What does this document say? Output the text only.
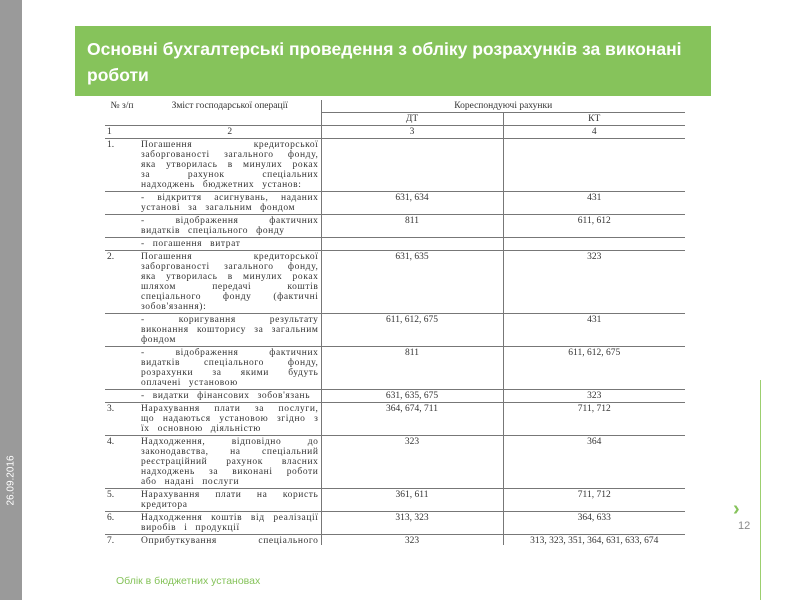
26.09.2016
Основні бухгалтерські проведення з обліку розрахунків за виконані роботи
№ з/п	Зміст господарської операції	Кореспондуючі рахунки	
		ДТ	КТ
1	2	3	4
1.	Погашення кредиторської заборгованості загального фонду, яка утворилась в минулих роках за рахунок спеціальних надходжень бюджетних установ:		
	- відкриття асигнувань, наданих установі за загальним фондом	631, 634	431
	- відображення фактичних видатків спеціального фонду	811	611, 612
	- погашення витрат		
2.	Погашення кредиторської заборгованості загального фонду, яка утворилась в минулих роках шляхом передачі коштів спеціального фонду (фактичні зобов'язання):	631, 635	323
	- коригування результату виконання кошторису за загальним фондом	611, 612, 675	431
	- відображення фактичних видатків спеціального фонду, розрахунки за якими будуть оплачені установою	811	611, 612, 675
	- видатки фінансових зобов'язань	631, 635, 675	323
3.	Нарахування плати за послуги, що надаються установою згідно з їх основною діяльністю	364, 674, 711	711, 712
4.	Надходження, відповідно до законодавства, на спеціальний реєстраційний рахунок власних надходжень за виконані роботи або надані послуги	323	364
5.	Нарахування плати на користь кредитора	361, 611	711, 712
6.	Надходження коштів від реалізації виробів і продукції	313, 323	364, 633
7.	Оприбуткування спеціального	323	313, 323, 351, 364, 631, 633, 674

›
12
Облік в бюджетних установах
